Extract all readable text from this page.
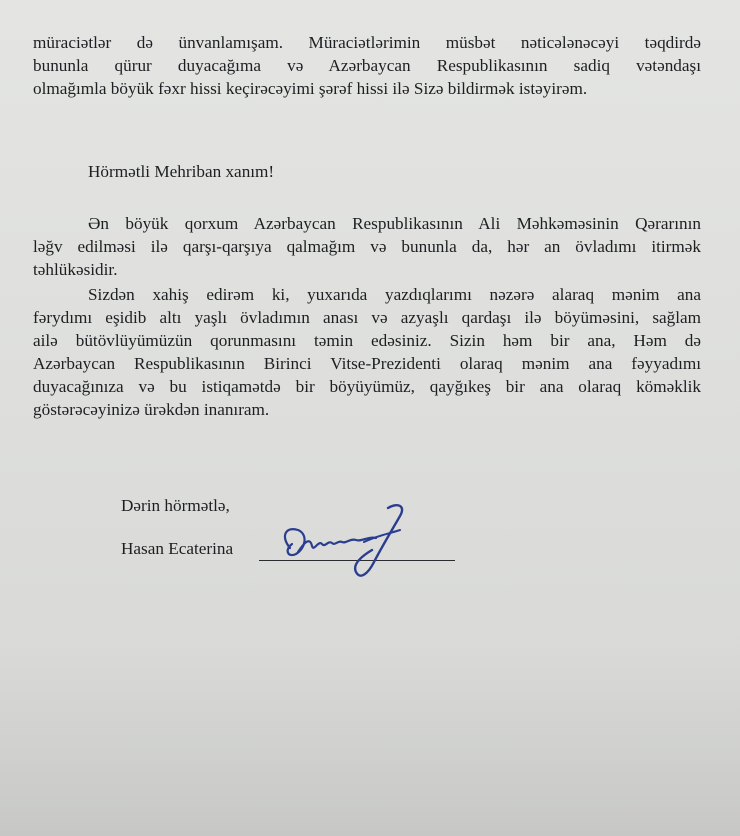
müraciətlər də ünvanlamışam. Müraciətlərimin müsbət nəticələnəcəyi təqdirdə
bununla qürur duyacağıma və Azərbaycan Respublikasının sadiq vətəndaşı
olmağımla böyük fəxr hissi keçirəcəyimi şərəf hissi ilə Sizə bildirmək istəyirəm.
Hörmətli Mehriban xanım!
Ən böyük qorxum Azərbaycan Respublikasının Ali Məhkəməsinin Qərarının
ləğv edilməsi ilə qarşı-qarşıya qalmağım və bununla da, hər an övladımı itirmək
təhlükəsidir.
Sizdən xahiş edirəm ki, yuxarıda yazdıqlarımı nəzərə alaraq mənim ana
fərydımı eşidib altı yaşlı övladımın anası və azyaşlı qardaşı ilə böyüməsini, sağlam
ailə bütövlüyümüzün qorunmasını təmin edəsiniz. Sizin həm bir ana, Həm də
Azərbaycan Respublikasının Birinci Vitse-Prezidenti olaraq mənim ana fəyyadımı
duyacağınıza və bu istiqamətdə bir böyüyümüz, qayğıkeş bir ana olaraq köməklik
göstərəcəyinizə ürəkdən inanıram.
Dərin hörmətlə,
Hasan Ecaterina
